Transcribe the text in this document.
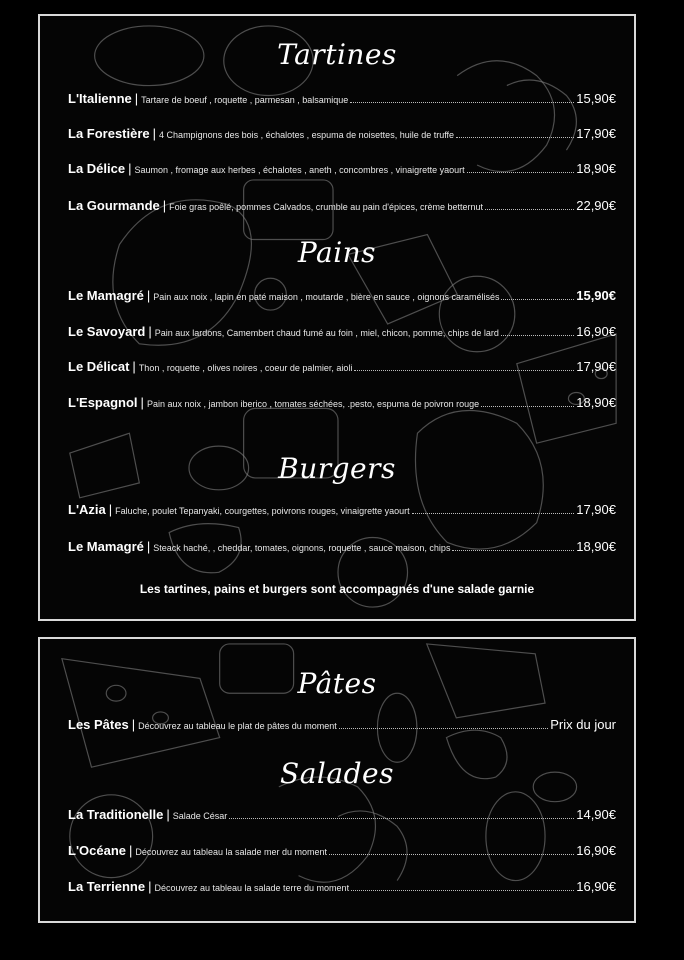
Tartines
L'Italienne | Tartare de boeuf , roquette , parmesan , balsamique	15,90€
La Forestière | 4 Champignons des bois , échalotes , espuma de noisettes, huile de truffe	17,90€
La Délice | Saumon , fromage aux herbes , échalotes , aneth , concombres , vinaigrette yaourt	18,90€
La Gourmande | Foie gras poêlé, pommes Calvados, crumble au pain d'épices, crème betternut	22,90€
Pains
Le Mamagré | Pain aux noix , lapin en paté maison , moutarde , bière en sauce , oignons caramélisés	15,90€
Le Savoyard | Pain aux lardons, Camembert chaud fumé au foin , miel, chicon, pomme, chips de lard	16,90€
Le Délicat | Thon , roquette , olives noires , coeur de palmier, aioli	17,90€
L'Espagnol | Pain aux noix , jambon iberico , tomates séchées, .pesto, espuma de poivron rouge	18,90€
Burgers
L'Azia | Faluche, poulet Tepanyaki, courgettes, poivrons rouges, vinaigrette yaourt	17,90€
Le Mamagré | Steack haché, , cheddar, tomates, oignons, roquette , sauce maison, chips	18,90€
Les tartines, pains et burgers sont accompagnés d'une salade garnie
Pâtes
Les Pâtes | Découvrez au tableau le plat de pâtes du moment	Prix du jour
Salades
La Traditionelle | Salade César	14,90€
L'Océane | Découvrez au tableau la salade mer du moment	16,90€
La Terrienne | Découvrez au tableau la salade terre du moment	16,90€
